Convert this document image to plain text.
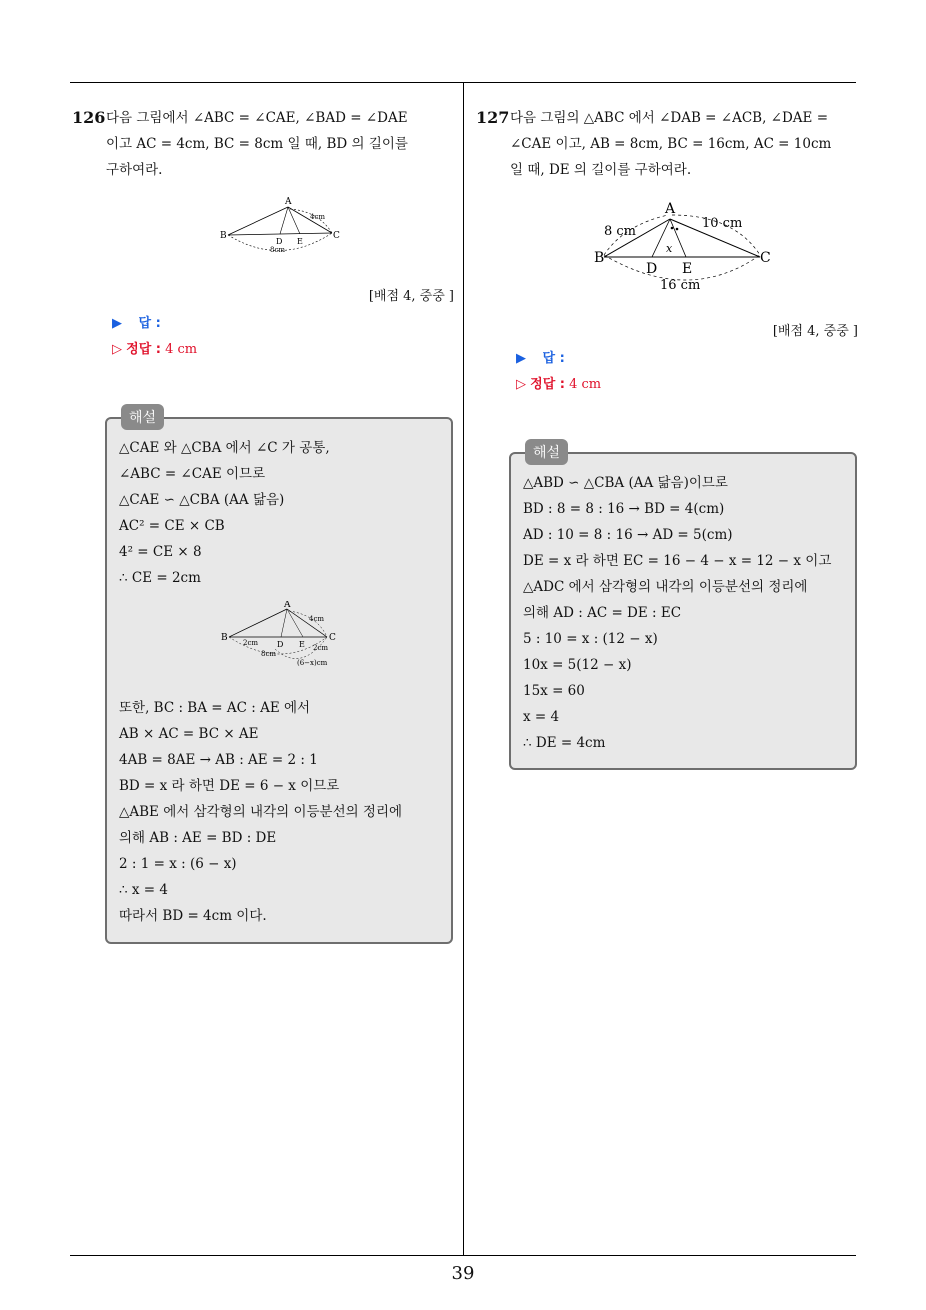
39
126 다음 그림에서 ∠ABC = ∠CAE, ∠BAD = ∠DAE
이고 AC = 4cm, BC = 8cm 일 때, BD 의 길이를
구하여라.
A
B	C
D E
4cm
8cm
[배점 4, 중중 ]
▶ 답 :
▷ 정답 : 4 cm
해설
△CAE 와 △CBA 에서 ∠C 가 공통,
∠ABC = ∠CAE 이므로
△CAE ∽ △CBA (AA 닮음)
AC² = CE × CB
4² = CE × 8
∴ CE = 2cm
또한, BC : BA = AC : AE 에서
AB × AC = BC × AE
4AB = 8AE → AB : AE = 2 : 1
BD = x 라 하면 DE = 6 − x 이므로
△ABE 에서 삼각형의 내각의 이등분선의 정리에
의해 AB : AE = BD : DE
2 : 1 = x : (6 − x)
∴ x = 4
따라서 BD = 4cm 이다.
A
B	C
D E
4cm
2cm
8cm
2cm
(6−x)cm
127 다음 그림의 △ABC 에서 ∠DAB = ∠ACB, ∠DAE =
∠CAE 이고, AB = 8cm, BC = 16cm, AC = 10cm
일 때, DE 의 길이를 구하여라.
A
B	C
D E
8 cm
10 cm
16 cm
x
[배점 4, 중중 ]
▶ 답 :
▷ 정답 : 4 cm
해설
△ABD ∽ △CBA (AA 닮음)이므로
BD : 8 = 8 : 16 → BD = 4(cm)
AD : 10 = 8 : 16 → AD = 5(cm)
DE = x 라 하면 EC = 16 − 4 − x = 12 − x 이고
△ADC 에서 삼각형의 내각의 이등분선의 정리에
의해 AD : AC = DE : EC
5 : 10 = x : (12 − x)
10x = 5(12 − x)
15x = 60
x = 4
∴ DE = 4cm
